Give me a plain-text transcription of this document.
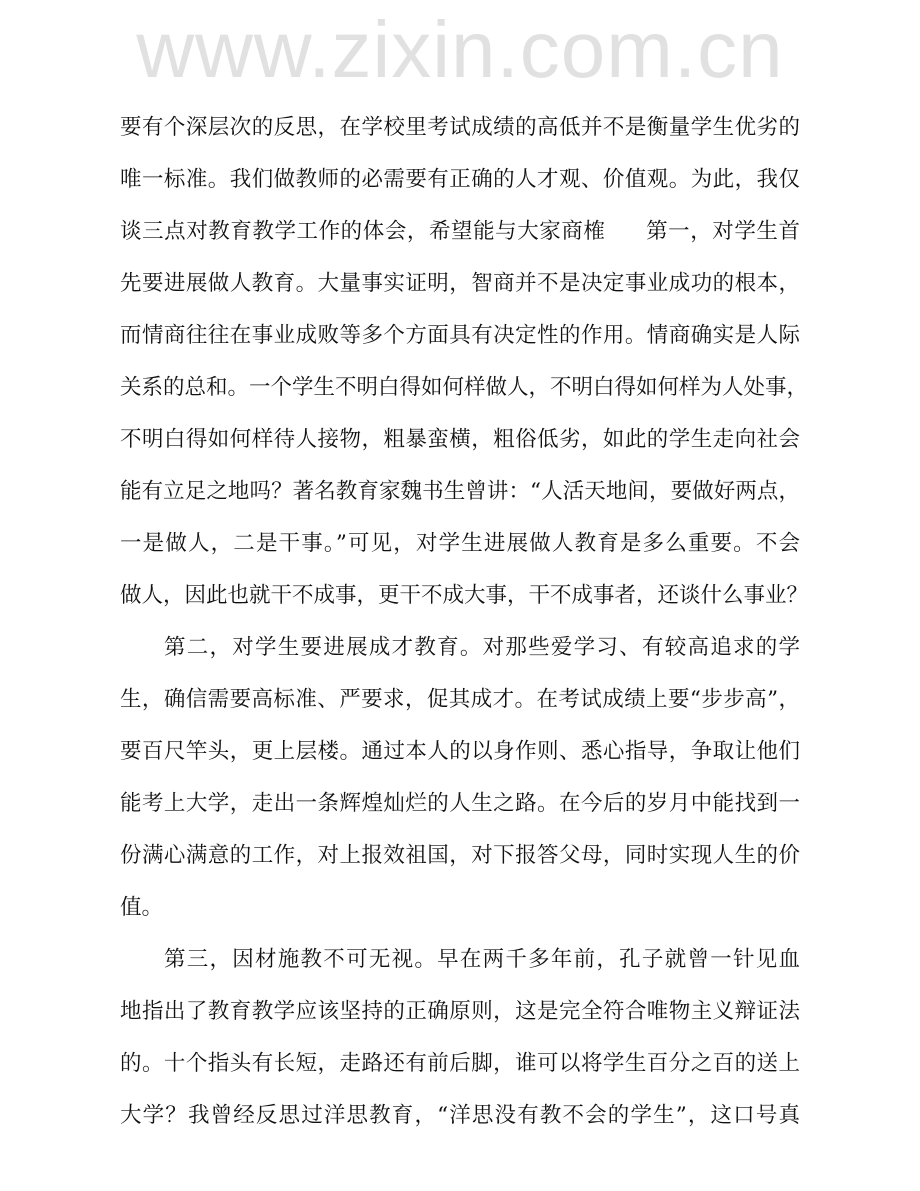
www.zixin.com.cn
要有个深层次的反思，在学校里考试成绩的高低并不是衡量学生优劣的
唯一标准。我们做教师的必需要有正确的人才观、价值观。为此，我仅
谈三点对教育教学工作的体会，希望能与大家商榷 第一，对学生首
先要进展做人教育。大量事实证明，智商并不是决定事业成功的根本，
而情商往往在事业成败等多个方面具有决定性的作用。情商确实是人际
关系的总和。一个学生不明白得如何样做人，不明白得如何样为人处事，
不明白得如何样待人接物，粗暴蛮横，粗俗低劣，如此的学生走向社会
能有立足之地吗？著名教育家魏书生曾讲：“人活天地间，要做好两点，
一是做人，二是干事。”可见，对学生进展做人教育是多么重要。不会
做人，因此也就干不成事，更干不成大事，干不成事者，还谈什么事业？
第二，对学生要进展成才教育。对那些爱学习、有较高追求的学
生，确信需要高标准、严要求，促其成才。在考试成绩上要“步步高”，
要百尺竿头，更上层楼。通过本人的以身作则、悉心指导，争取让他们
能考上大学，走出一条辉煌灿烂的人生之路。在今后的岁月中能找到一
份满心满意的工作，对上报效祖国，对下报答父母，同时实现人生的价
值。
第三，因材施教不可无视。早在两千多年前，孔子就曾一针见血
地指出了教育教学应该坚持的正确原则，这是完全符合唯物主义辩证法
的。十个指头有长短，走路还有前后脚，谁可以将学生百分之百的送上
大学？我曾经反思过洋思教育，“洋思没有教不会的学生”，这口号真
